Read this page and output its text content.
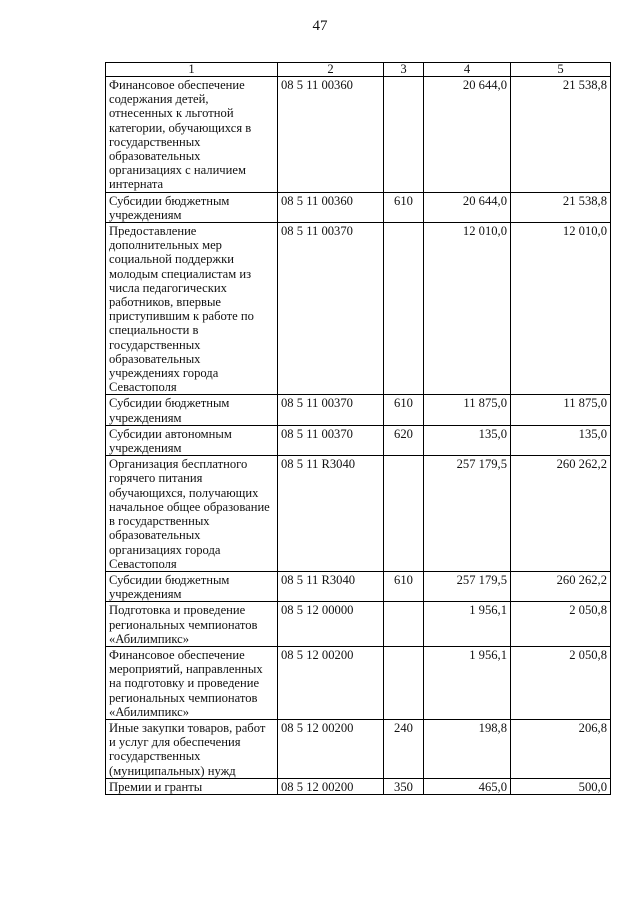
47
1	2	3	4	5
Финансовое обеспечение содержания детей, отнесенных к льготной категории, обучающихся в государственных образовательных организациях с наличием интерната	08 5 11 00360		20 644,0	21 538,8
Субсидии бюджетным учреждениям	08 5 11 00360	610	20 644,0	21 538,8
Предоставление дополнительных мер социальной поддержки молодым специалистам из числа педагогических работников, впервые приступившим к работе по специальности в государственных образовательных учреждениях города Севастополя	08 5 11 00370		12 010,0	12 010,0
Субсидии бюджетным учреждениям	08 5 11 00370	610	11 875,0	11 875,0
Субсидии автономным учреждениям	08 5 11 00370	620	135,0	135,0
Организация бесплатного горячего питания обучающихся, получающих начальное общее образование в государственных образовательных организациях города Севастополя	08 5 11 R3040		257 179,5	260 262,2
Субсидии бюджетным учреждениям	08 5 11 R3040	610	257 179,5	260 262,2
Подготовка и проведение региональных чемпионатов «Абилимпикс»	08 5 12 00000		1 956,1	2 050,8
Финансовое обеспечение мероприятий, направленных на подготовку и проведение региональных чемпионатов «Абилимпикс»	08 5 12 00200		1 956,1	2 050,8
Иные закупки товаров, работ и услуг для обеспечения государственных (муниципальных) нужд	08 5 12 00200	240	198,8	206,8
Премии и гранты	08 5 12 00200	350	465,0	500,0
